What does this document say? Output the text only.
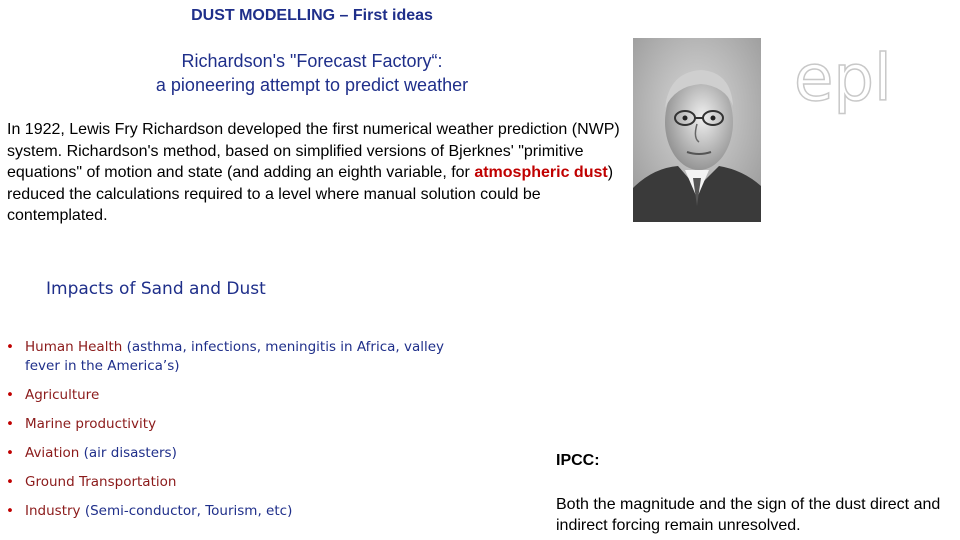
DUST MODELLING – First ideas
Richardson's "Forecast Factory“:
a pioneering attempt to predict weather
In 1922, Lewis Fry Richardson developed the first numerical weather prediction (NWP) system. Richardson's method, based on simplified versions of Bjerknes' "primitive equations" of motion and state (and adding an eighth variable, for atmospheric dust) reduced the calculations required to a level where manual solution could be contemplated.
epl
Impacts of Sand and Dust
• Human Health (asthma, infections, meningitis in Africa, valley fever in the America’s)
• Agriculture
• Marine productivity
• Aviation (air disasters)
• Ground Transportation
• Industry (Semi-conductor, Tourism, etc)
IPCC:
Both the magnitude and the sign of the dust direct and indirect forcing remain unresolved.
